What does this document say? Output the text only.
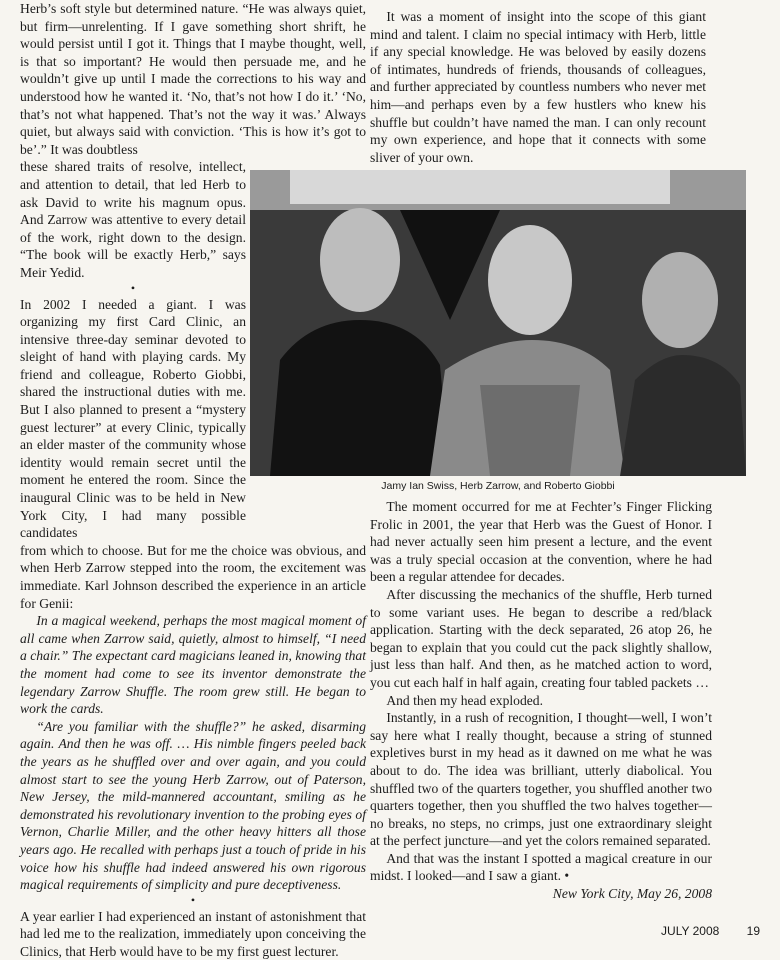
Herb’s soft style but determined nature. “He was always quiet, but firm—unrelenting. If I gave something short shrift, he would persist until I got it. Things that I maybe thought, well, is that so important? He would then persuade me, and he wouldn’t give up until I made the corrections to his way and understood how he wanted it. ‘No, that’s not how I do it.’ ‘No, that’s not what happened. That’s not the way it was.’ Always quiet, but always said with conviction. ‘This is how it’s got to be’.” It was doubtless

these shared traits of resolve, intellect, and attention to detail, that led Herb to ask David to write his magnum opus. And Zarrow was attentive to every detail of the work, right down to the design. “The book will be exactly Herb,” says Meir Yedid.

•

In 2002 I needed a giant. I was organizing my first Card Clinic, an intensive three-day seminar devoted to sleight of hand with playing cards. My friend and colleague, Roberto Giobbi, shared the instructional duties with me. But I also planned to present a “mystery guest lecturer” at every Clinic, typically an elder master of the community whose identity would remain secret until the moment he entered the room. Since the inaugural Clinic was to be held in New York City, I had many possible candidates

from which to choose. But for me the choice was obvious, and when Herb Zarrow stepped into the room, the excitement was immediate. Karl Johnson described the experience in an article for Genii:

In a magical weekend, perhaps the most magical moment of all came when Zarrow said, quietly, almost to himself, “I need a chair.” The expectant card magicians leaned in, knowing that the moment had come to see its inventor demonstrate the legendary Zarrow Shuffle. The room grew still. He began to work the cards.

“Are you familiar with the shuffle?” he asked, disarming again. And then he was off. … His nimble fingers peeled back the years as he shuffled over and over again, and you could almost start to see the young Herb Zarrow, out of Paterson, New Jersey, the mild-mannered accountant, smiling as he demonstrated his revolutionary invention to the probing eyes of Vernon, Charlie Miller, and the other heavy hitters all those years ago. He recalled with perhaps just a touch of pride in his voice how his shuffle had indeed answered his own rigorous magical requirements of simplicity and pure deceptiveness.

•

A year earlier I had experienced an instant of astonishment that had led me to the realization, immediately upon conceiving the Clinics, that Herb would have to be my first guest lecturer.

It was a moment of insight into the scope of this giant mind and talent. I claim no special intimacy with Herb, little if any special knowledge. He was beloved by easily dozens of intimates, hundreds of friends, thousands of colleagues, and further appreciated by countless numbers who never met him—and perhaps even by a few hustlers who knew his shuffle but couldn’t have named the man. I can only recount my own experience, and hope that it connects with some sliver of your own.

Jamy Ian Swiss, Herb Zarrow, and Roberto Giobbi

The moment occurred for me at Fechter’s Finger Flicking Frolic in 2001, the year that Herb was the Guest of Honor. I had never actually seen him present a lecture, and the event was a truly special occasion at the convention, where he had been a regular attendee for decades.

After discussing the mechanics of the shuffle, Herb turned to some variant uses. He began to describe a red/black application. Starting with the deck separated, 26 atop 26, he began to explain that you could cut the pack slightly shallow, just less than half. And then, as he matched action to word, you cut each half in half again, creating four tabled packets …

And then my head exploded.

Instantly, in a rush of recognition, I thought—well, I won’t say here what I really thought, because a string of stunned expletives burst in my head as it dawned on me what he was about to do. The idea was brilliant, utterly diabolical. You shuffled two of the quarters together, you shuffled another two quarters together, then you shuffled the two halves together—no breaks, no steps, no crimps, just one extraordinary sleight at the perfect juncture—and yet the colors remained separated.

And that was the instant I spotted a magical creature in our midst. I looked—and I saw a giant. •

New York City, May 26, 2008

JULY 2008 19
